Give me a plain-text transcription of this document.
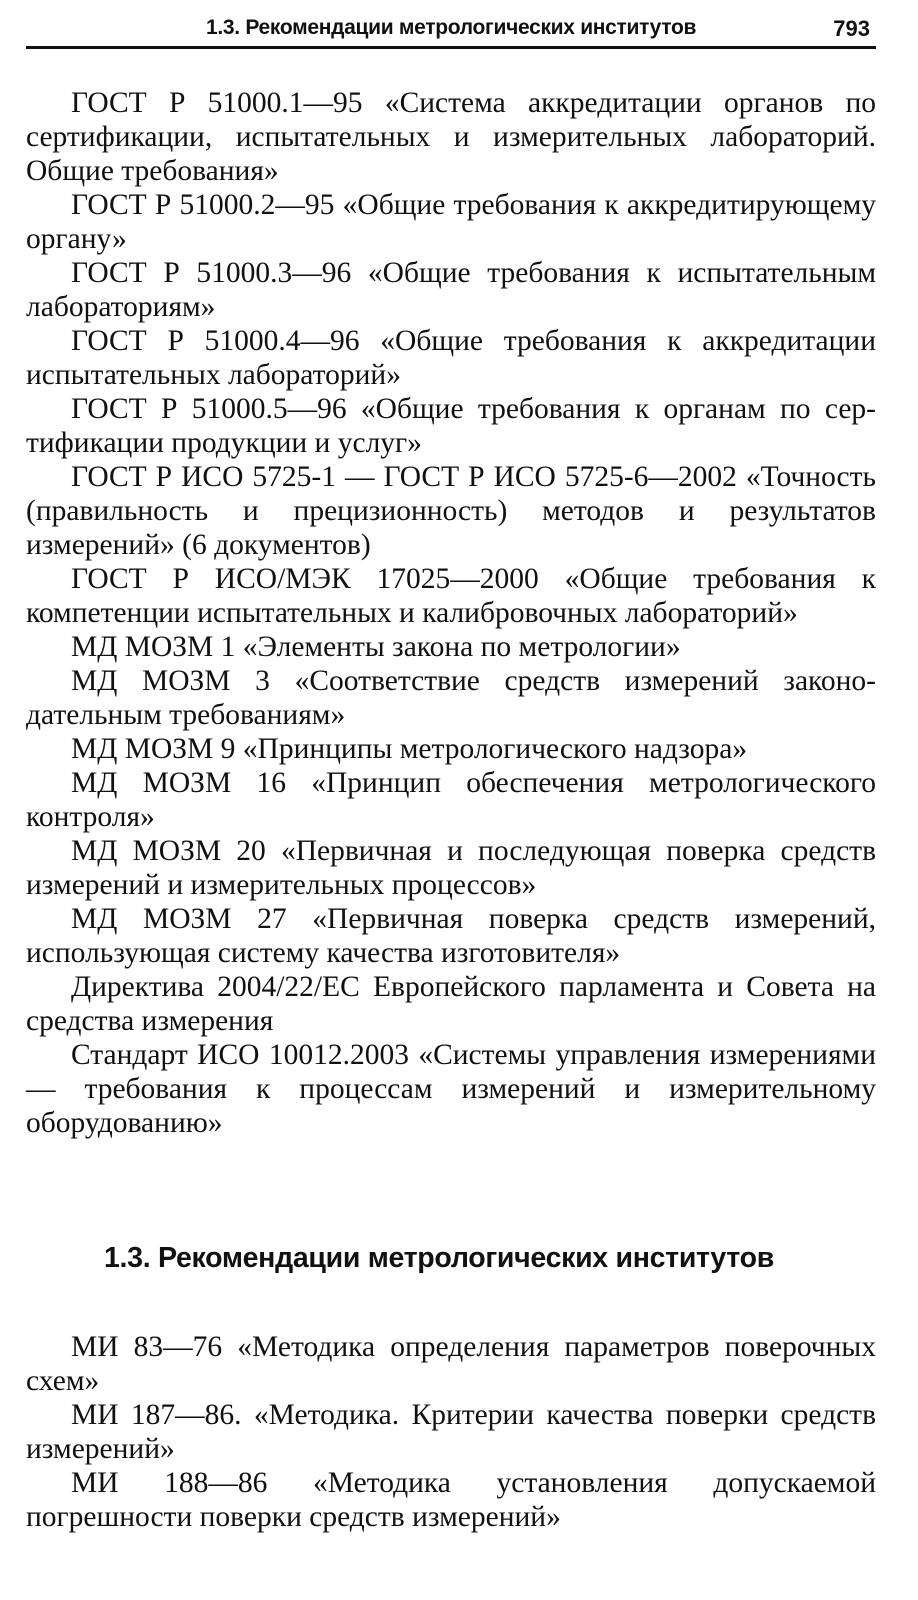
1.3. Рекомендации метрологических институтов	793

ГОСТ Р 51000.1—95 «Система аккредитации органов по сертификации, испытательных и измерительных лабораторий. Общие требования»

ГОСТ Р 51000.2—95 «Общие требования к аккредитирующему органу»

ГОСТ Р 51000.3—96 «Общие требования к испытательным лабораториям»

ГОСТ Р 51000.4—96 «Общие требования к аккредитации испытательных лабораторий»

ГОСТ Р 51000.5—96 «Общие требования к органам по сертификации продукции и услуг»

ГОСТ Р ИСО 5725-1 — ГОСТ Р ИСО 5725-6—2002 «Точность (правильность и прецизионность) методов и результатов измерений» (6 документов)

ГОСТ Р ИСО/МЭК 17025—2000 «Общие требования к компетенции испытательных и калибровочных лабораторий»

МД МОЗМ 1 «Элементы закона по метрологии»

МД МОЗМ 3 «Соответствие средств измерений законодательным требованиям»

МД МОЗМ 9 «Принципы метрологического надзора»

МД МОЗМ 16 «Принцип обеспечения метрологического контроля»

МД МОЗМ 20 «Первичная и последующая поверка средств измерений и измерительных процессов»

МД МОЗМ 27 «Первичная поверка средств измерений, использующая систему качества изготовителя»

Директива 2004/22/ЕС Европейского парламента и Совета на средства измерения

Стандарт ИСО 10012.2003 «Системы управления измерениями — требования к процессам измерений и измерительному оборудованию»

1.3. Рекомендации метрологических институтов

МИ 83—76 «Методика определения параметров поверочных схем»

МИ 187—86. «Методика. Критерии качества поверки средств измерений»

МИ 188—86 «Методика установления допускаемой погрешности поверки средств измерений»
